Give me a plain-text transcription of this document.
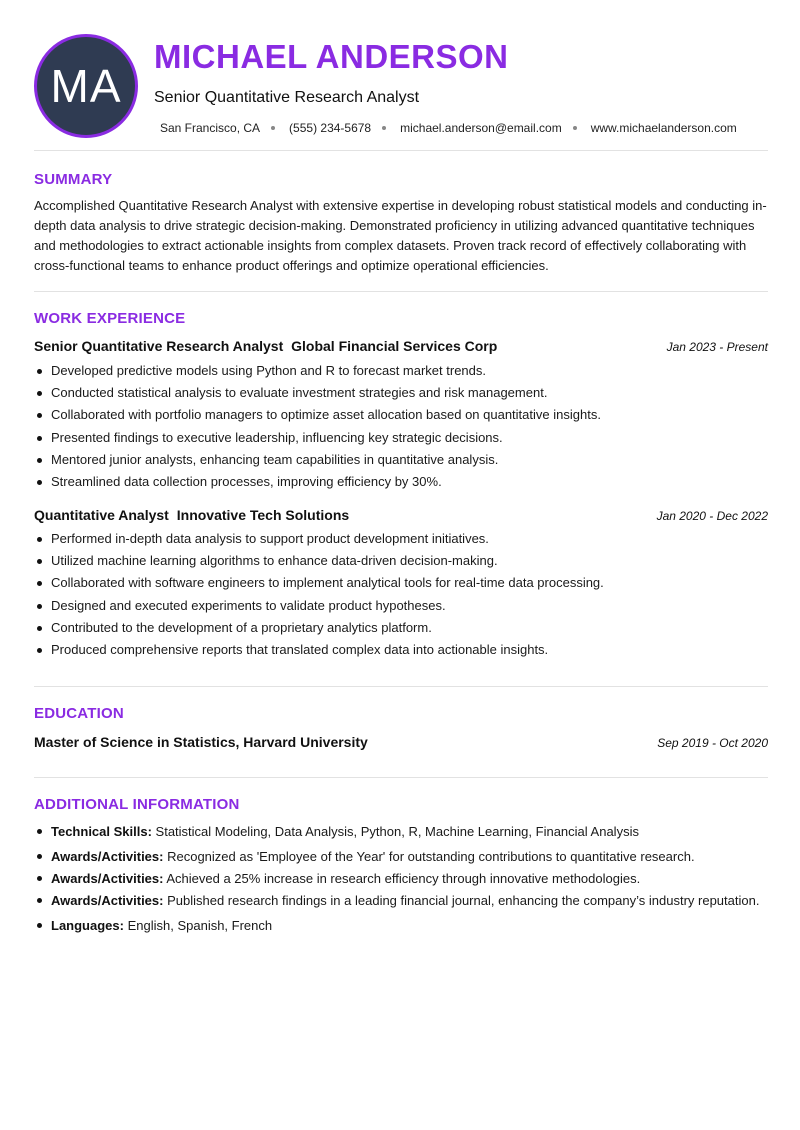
MA
MICHAEL ANDERSON
Senior Quantitative Research Analyst
San Francisco, CA (555) 234-5678 michael.anderson@email.com www.michaelanderson.com
SUMMARY
Accomplished Quantitative Research Analyst with extensive expertise in developing robust statistical models and conducting in-depth data analysis to drive strategic decision-making. Demonstrated proficiency in utilizing advanced quantitative techniques and methodologies to extract actionable insights from complex datasets. Proven track record of effectively collaborating with cross-functional teams to enhance product offerings and optimize operational efficiencies.
WORK EXPERIENCE
Senior Quantitative Research Analyst Global Financial Services Corp	Jan 2023 - Present
Developed predictive models using Python and R to forecast market trends.
Conducted statistical analysis to evaluate investment strategies and risk management.
Collaborated with portfolio managers to optimize asset allocation based on quantitative insights.
Presented findings to executive leadership, influencing key strategic decisions.
Mentored junior analysts, enhancing team capabilities in quantitative analysis.
Streamlined data collection processes, improving efficiency by 30%.
Quantitative Analyst Innovative Tech Solutions	Jan 2020 - Dec 2022
Performed in-depth data analysis to support product development initiatives.
Utilized machine learning algorithms to enhance data-driven decision-making.
Collaborated with software engineers to implement analytical tools for real-time data processing.
Designed and executed experiments to validate product hypotheses.
Contributed to the development of a proprietary analytics platform.
Produced comprehensive reports that translated complex data into actionable insights.
EDUCATION
Master of Science in Statistics, Harvard University	Sep 2019 - Oct 2020
ADDITIONAL INFORMATION
Technical Skills: Statistical Modeling, Data Analysis, Python, R, Machine Learning, Financial Analysis
Awards/Activities: Recognized as 'Employee of the Year' for outstanding contributions to quantitative research.
Awards/Activities: Achieved a 25% increase in research efficiency through innovative methodologies.
Awards/Activities: Published research findings in a leading financial journal, enhancing the company’s industry reputation.
Languages: English, Spanish, French
